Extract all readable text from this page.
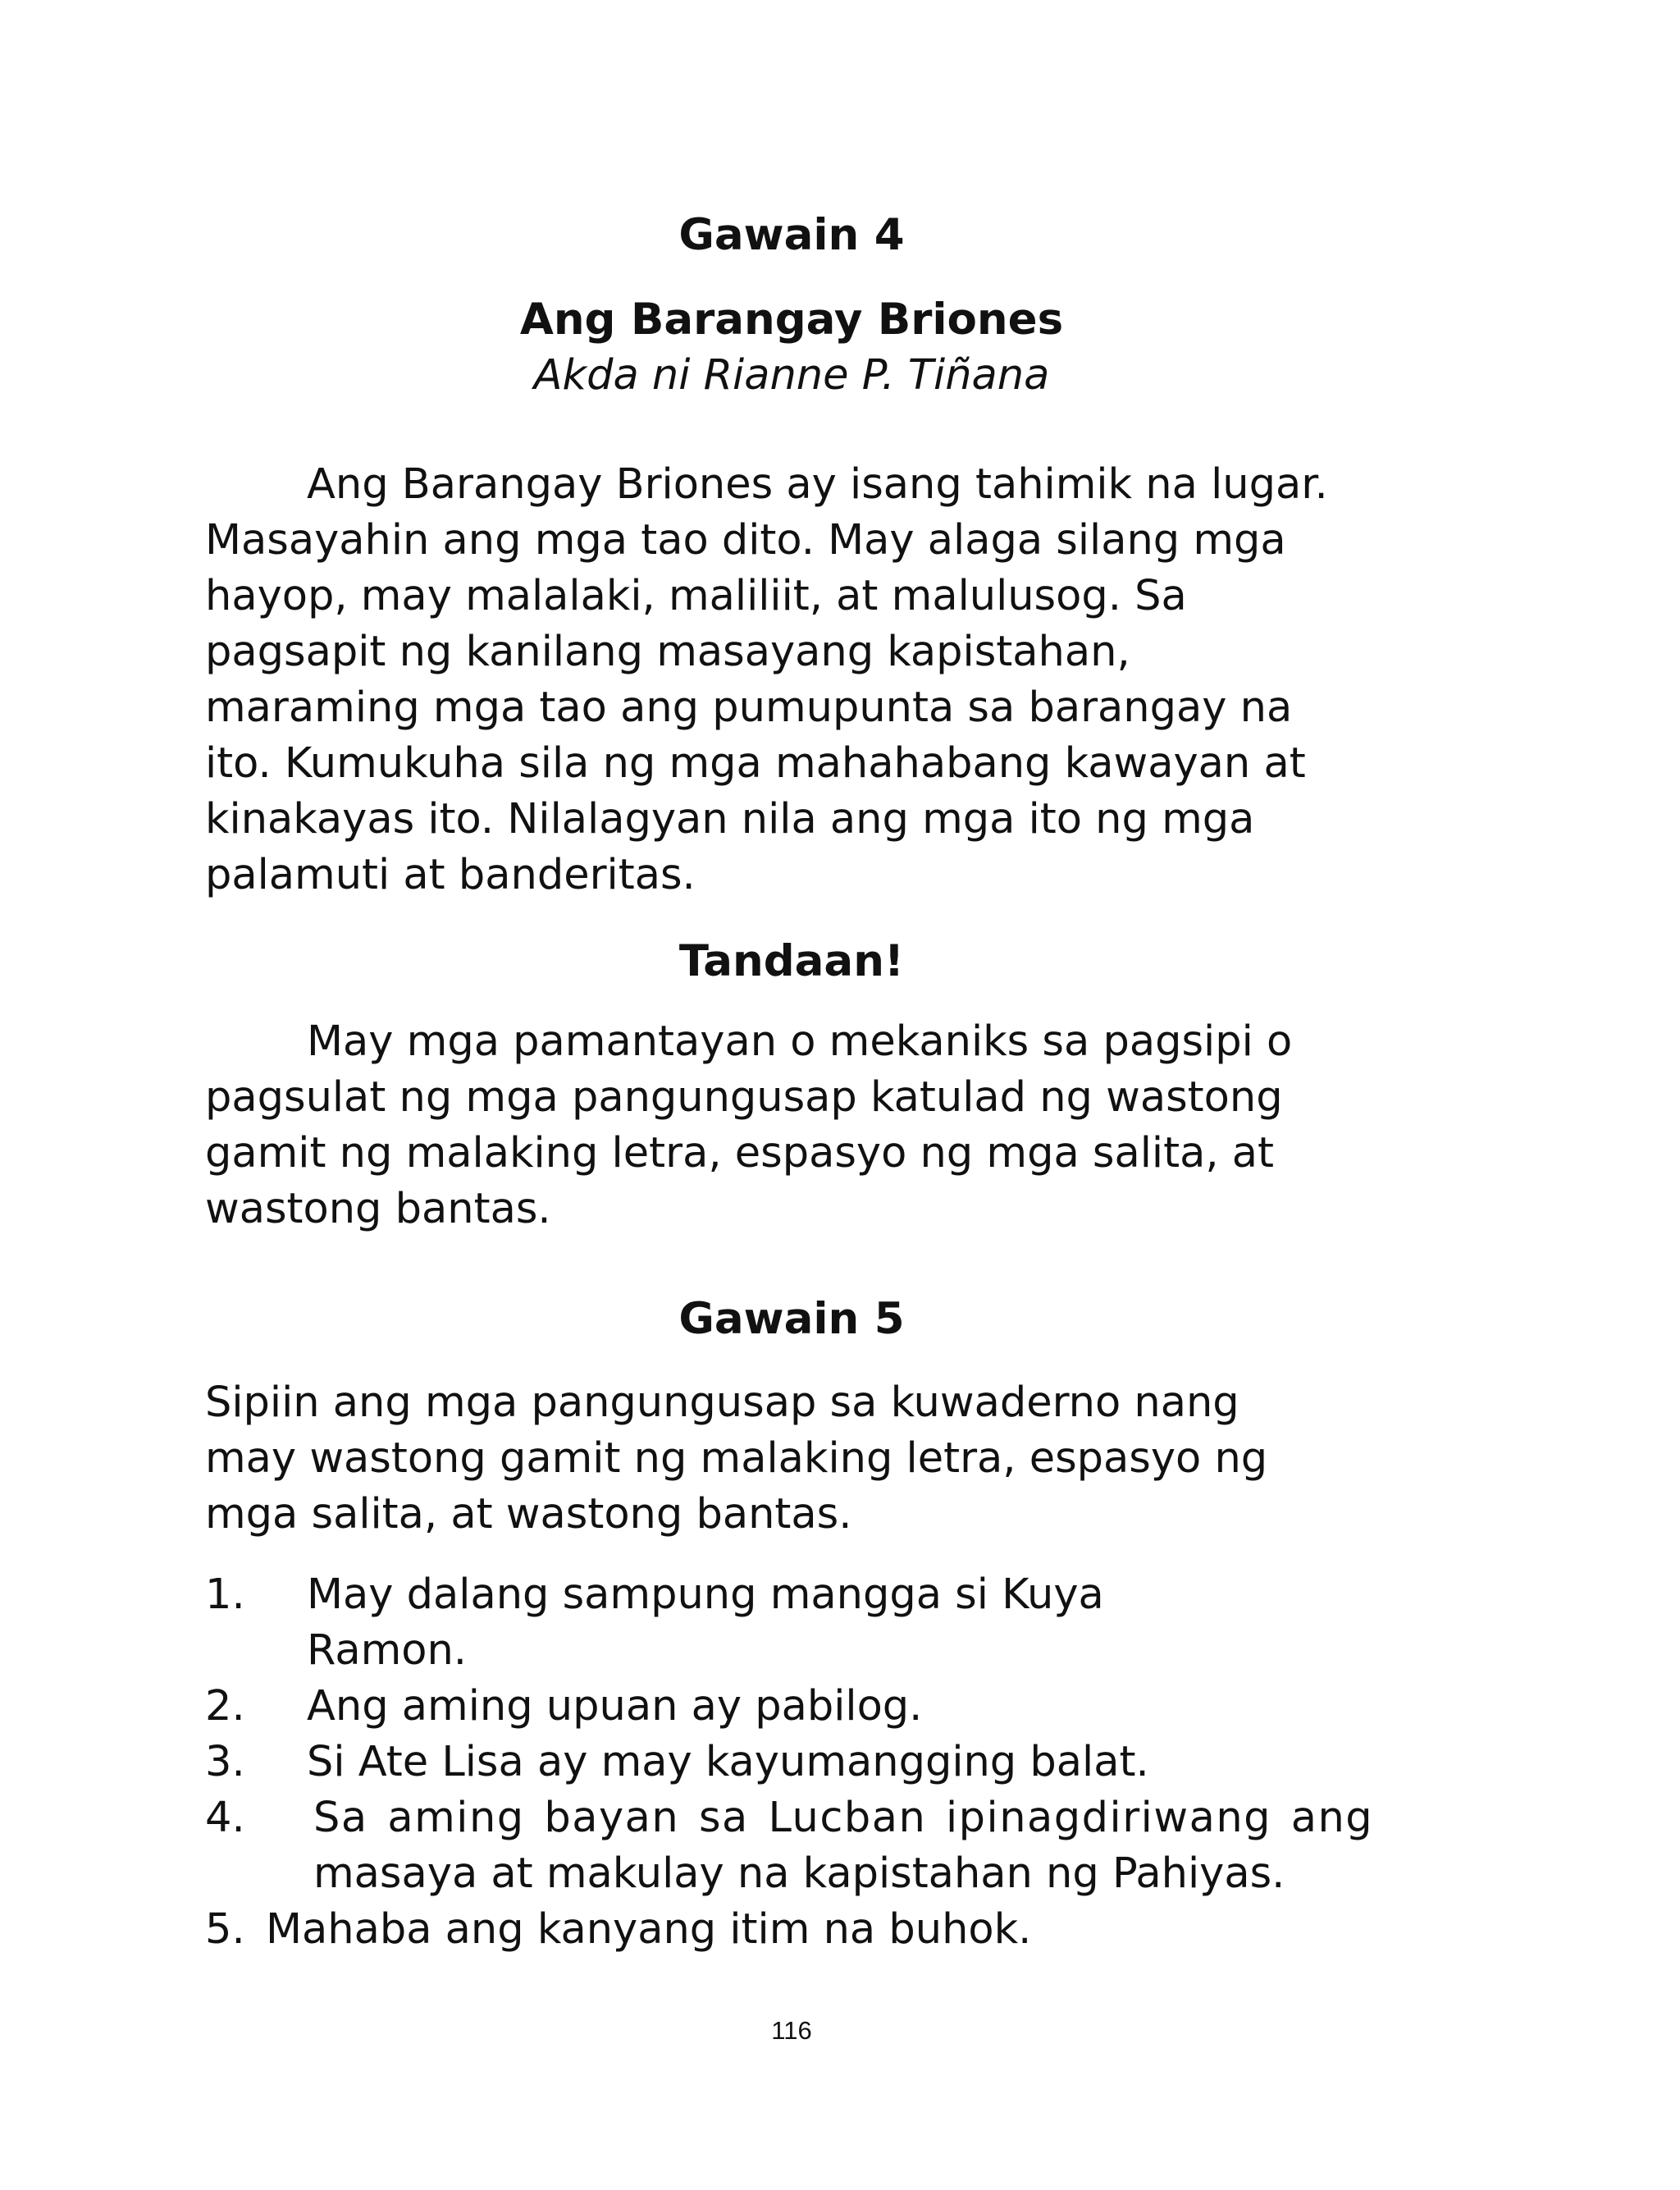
Gawain 4
Ang Barangay Briones
Akda ni Rianne P. Tiñana
Ang Barangay Briones ay isang tahimik na lugar.
Masayahin ang mga tao dito. May alaga silang mga
hayop, may malalaki, maliliit, at malulusog. Sa
pagsapit ng kanilang masayang kapistahan,
maraming mga tao ang pumupunta sa barangay na
ito. Kumukuha sila ng mga mahahabang kawayan at
kinakayas ito. Nilalagyan nila ang mga ito ng mga
palamuti at banderitas.
Tandaan!
May mga pamantayan o mekaniks sa pagsipi o
pagsulat ng mga pangungusap katulad ng wastong
gamit ng malaking letra, espasyo ng mga salita, at
wastong bantas.
Gawain 5
Sipiin ang mga pangungusap sa kuwaderno nang
may wastong gamit ng malaking letra, espasyo ng
mga salita, at wastong bantas.
1. May dalang sampung mangga si Kuya
Ramon.
2. Ang aming upuan ay pabilog.
3. Si Ate Lisa ay may kayumangging balat.
4. Sa aming bayan sa Lucban ipinagdiriwang ang
masaya at makulay na kapistahan ng Pahiyas.
5. Mahaba ang kanyang itim na buhok.
116
